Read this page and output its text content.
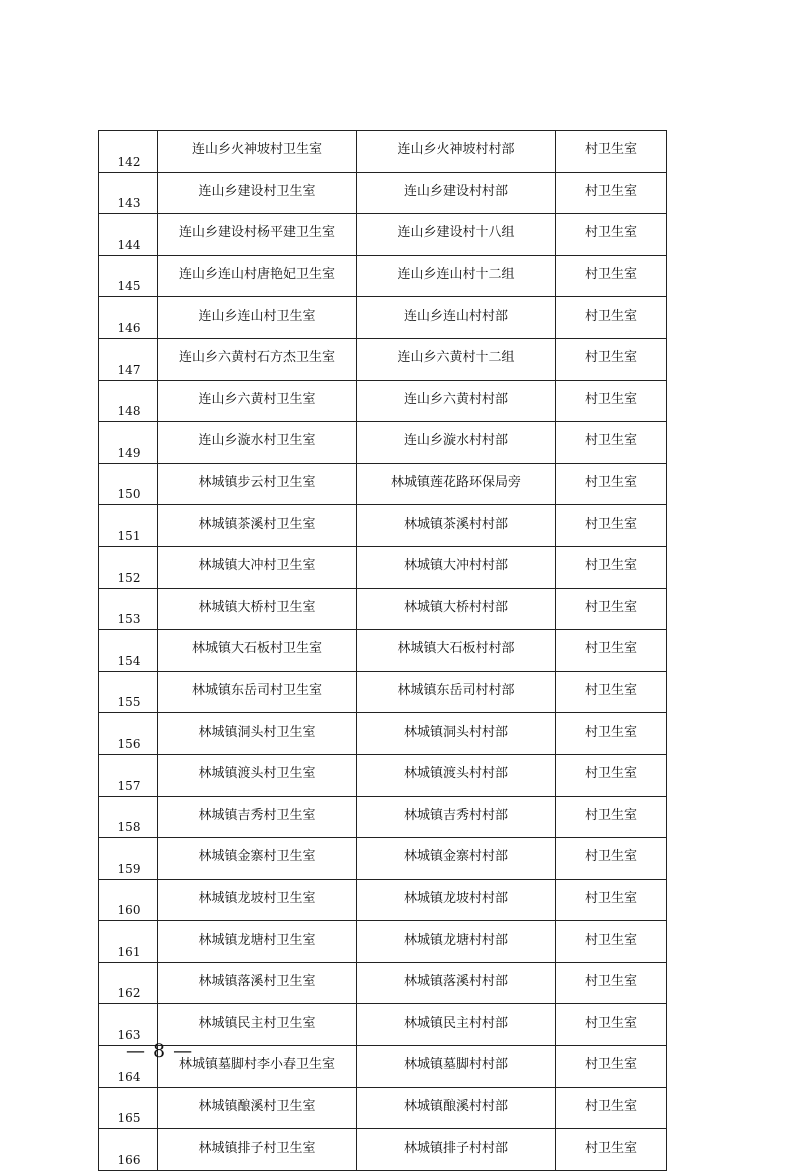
142	连山乡火神坡村卫生室	连山乡火神坡村村部	村卫生室
143	连山乡建设村卫生室	连山乡建设村村部	村卫生室
144	连山乡建设村杨平建卫生室	连山乡建设村十八组	村卫生室
145	连山乡连山村唐艳妃卫生室	连山乡连山村十二组	村卫生室
146	连山乡连山村卫生室	连山乡连山村村部	村卫生室
147	连山乡六黄村石方杰卫生室	连山乡六黄村十二组	村卫生室
148	连山乡六黄村卫生室	连山乡六黄村村部	村卫生室
149	连山乡漩水村卫生室	连山乡漩水村村部	村卫生室
150	林城镇步云村卫生室	林城镇莲花路环保局旁	村卫生室
151	林城镇茶溪村卫生室	林城镇茶溪村村部	村卫生室
152	林城镇大冲村卫生室	林城镇大冲村村部	村卫生室
153	林城镇大桥村卫生室	林城镇大桥村村部	村卫生室
154	林城镇大石板村卫生室	林城镇大石板村村部	村卫生室
155	林城镇东岳司村卫生室	林城镇东岳司村村部	村卫生室
156	林城镇洞头村卫生室	林城镇洞头村村部	村卫生室
157	林城镇渡头村卫生室	林城镇渡头村村部	村卫生室
158	林城镇吉秀村卫生室	林城镇吉秀村村部	村卫生室
159	林城镇金寨村卫生室	林城镇金寨村村部	村卫生室
160	林城镇龙坡村卫生室	林城镇龙坡村村部	村卫生室
161	林城镇龙塘村卫生室	林城镇龙塘村村部	村卫生室
162	林城镇落溪村卫生室	林城镇落溪村村部	村卫生室
163	林城镇民主村卫生室	林城镇民主村村部	村卫生室
164	林城镇墓脚村李小春卫生室	林城镇墓脚村村部	村卫生室
165	林城镇酿溪村卫生室	林城镇酿溪村村部	村卫生室
166	林城镇排子村卫生室	林城镇排子村村部	村卫生室
— 8 —
